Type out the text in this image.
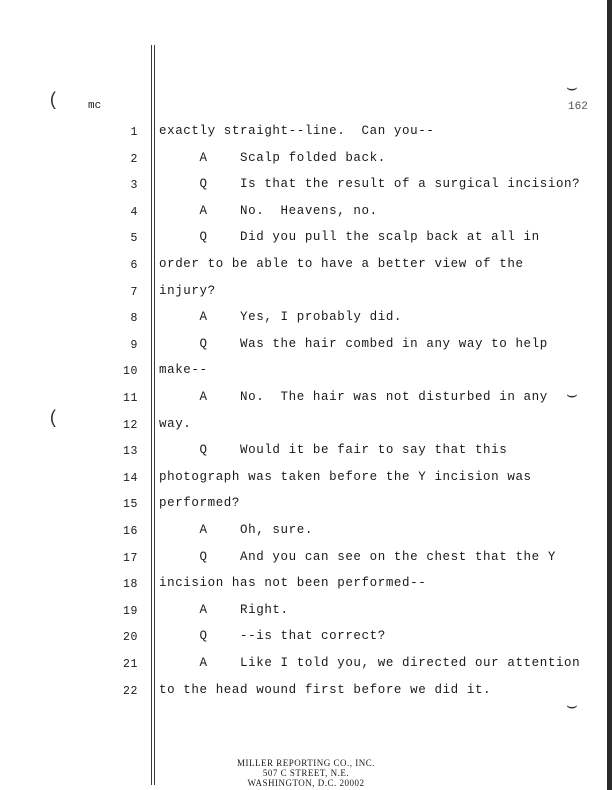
(
(
⌣
⌣
⌣
mc	162
1 exactly straight--line.  Can you--
2 A    Scalp folded back.
3 Q    Is that the result of a surgical incision?
4 A    No.  Heavens, no.
5 Q    Did you pull the scalp back at all in
6 order to be able to have a better view of the
7 injury?
8 A    Yes, I probably did.
9 Q    Was the hair combed in any way to help
10 make--
11 A    No.  The hair was not disturbed in any
12 way.
13 Q    Would it be fair to say that this
14 photograph was taken before the Y incision was
15 performed?
16 A    Oh, sure.
17 Q    And you can see on the chest that the Y
18 incision has not been performed--
19 A    Right.
20 Q    --is that correct?
21 A    Like I told you, we directed our attention
22 to the head wound first before we did it.
MILLER REPORTING CO., INC.
507 C STREET, N.E.
WASHINGTON, D.C. 20002
